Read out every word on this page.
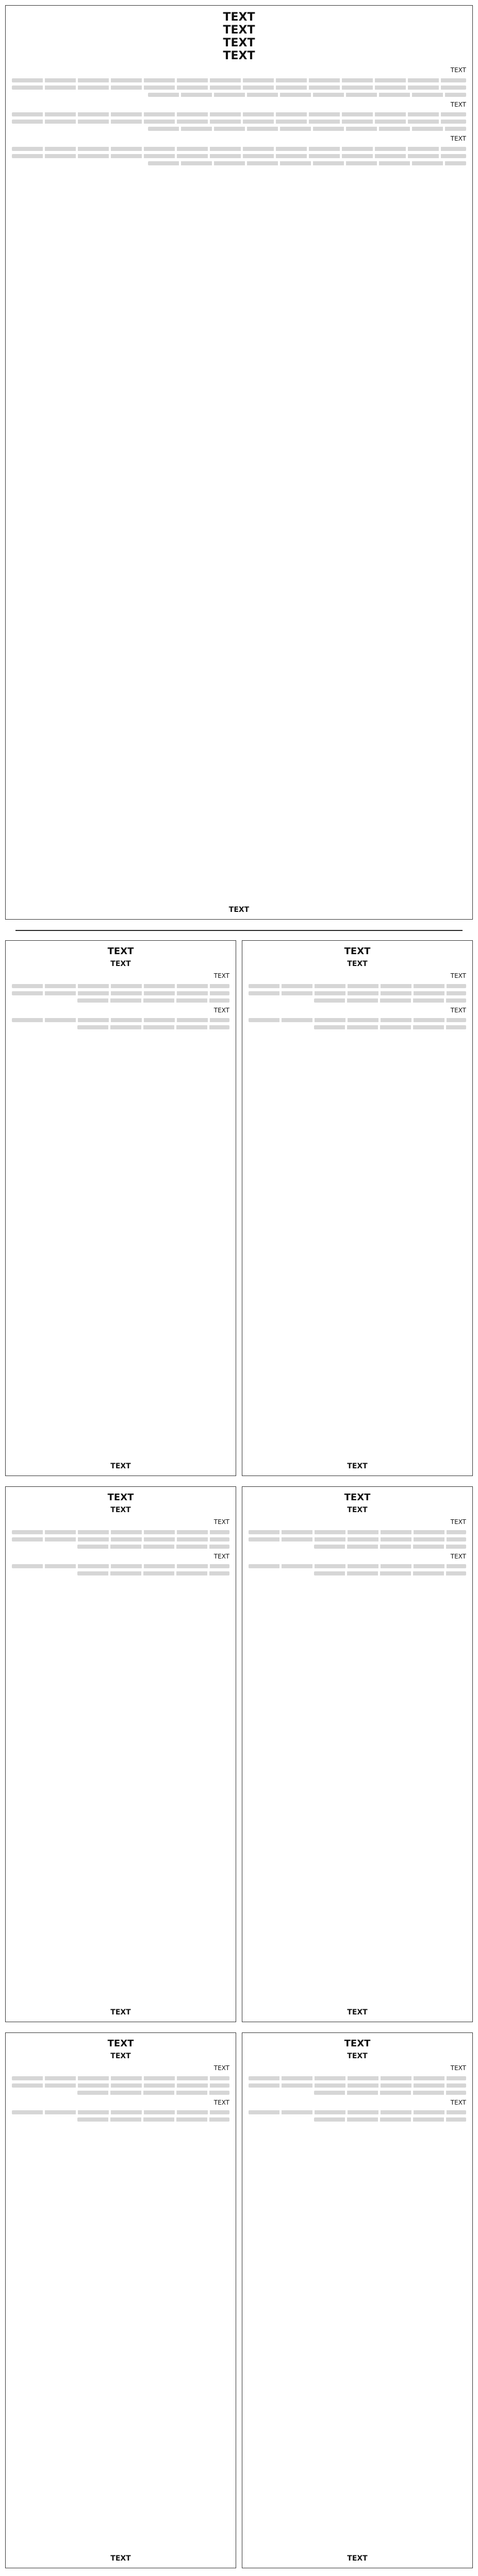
TEXT
TEXT
TEXT
TEXT
TEXT
TEXT
TEXT
TEXT
TEXT
TEXT
TEXT
TEXT
TEXT
TEXT
TEXT
TEXT
TEXT
TEXT
TEXT
TEXT
TEXT
TEXT
TEXT
TEXT
TEXT
TEXT
TEXT
TEXT
TEXT
TEXT
TEXT
TEXT
TEXT
TEXT
TEXT
TEXT
TEXT
TEXT
